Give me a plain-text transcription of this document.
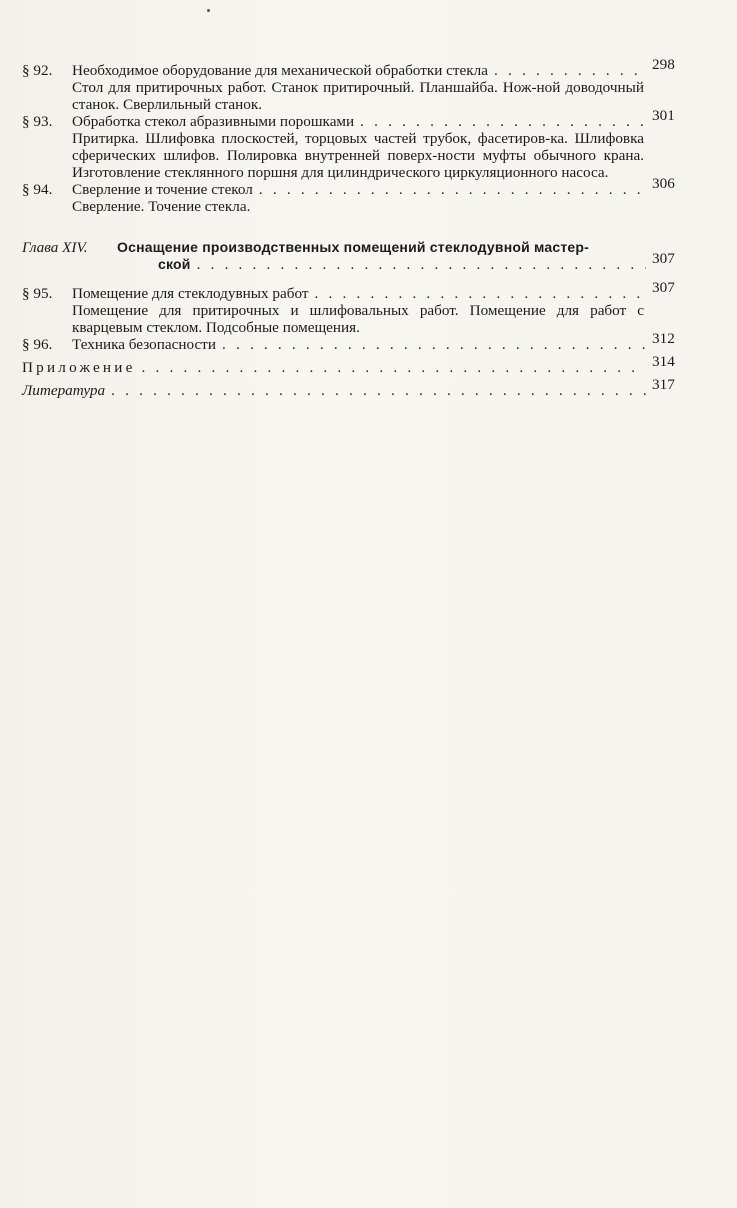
§ 92.	Необходимое оборудование для механической обработки стекла . . .	298
Стол для притирочных работ. Станок притирочный. Планшайба. Нож-ной доводочный станок. Сверлильный станок.
§ 93.	Обработка стекол абразивными порошками . . .	301
Притирка. Шлифовка плоскостей, торцовых частей трубок, фасетиров-ка. Шлифовка сферических шлифов. Полировка внутренней поверх-ности муфты обычного крана. Изготовление стеклянного поршня для цилиндрического циркуляционного насоса.
§ 94.	Сверление и точение стекол . . .	306
Сверление. Точение стекла.
Глава XIV.	Оснащение производственных помещений стеклодувной мастер-
ской . . .	307
§ 95.	Помещение для стеклодувных работ . . .	307
Помещение для притирочных и шлифовальных работ. Помещение для работ с кварцевым стеклом. Подсобные помещения.
§ 96.	Техника безопасности . . .	312
Приложение . . .	314
Литература . . .	317
